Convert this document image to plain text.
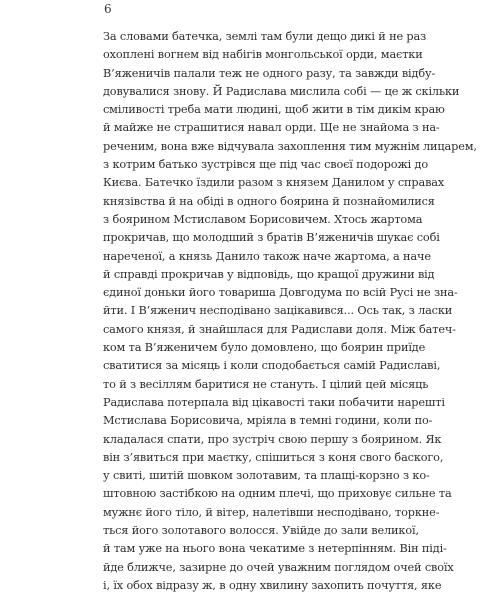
6
За словами батечка, землі там були дещо дикі й не раз
охоплені вогнем від набігів монгольської орди, маєтки
В’яженичів палали теж не одного разу, та завжди відбу-
довувалися знову. Й Радислава мислила собі — це ж скільки
сміливості треба мати людині, щоб жити в тім дикім краю
й майже не страшитися навал орди. Ще не знайома з на-
реченим, вона вже відчувала захоплення тим мужнім лицарем,
з котрим батько зустрівся ще під час своєї подорожі до
Києва. Батечко їздили разом з князем Данилом у справах
князівства й на обіді в одного боярина й познайомилися
з боярином Мстиславом Борисовичем. Хтось жартома
прокричав, що молодший з братів В’яженичів шукає собі
нареченої, а князь Данило також наче жартома, а наче
й справді прокричав у відповідь, що кращої дружини від
єдиної доньки його товариша Довгодума по всій Русі не зна-
йти. І В’яженич несподівано зацікавився... Ось так, з ласки
самого князя, й знайшлася для Радислави доля. Між батеч-
ком та В’яженичем було домовлено, що боярин приїде
сватитися за місяць і коли сподобається самій Радиславі,
то й з весіллям баритися не стануть. І цілий цей місяць
Радислава потерпала від цікавості таки побачити нарешті
Мстислава Борисовича, мріяла в темні години, коли по-
кладалася спати, про зустріч свою першу з боярином. Як
він з’явиться при маєтку, спішиться з коня свого баского,
у свиті, шитій шовком золотавим, та плащі-корзно з ко-
штовною застібкою на одним плечі, що приховує сильне та
мужнє його тіло, й вітер, налетівши несподівано, торкне-
ться його золотавого волосся. Увійде до зали великої,
й там уже на нього вона чекатиме з нетерпінням. Він піді-
йде ближче, зазирне до очей уважним поглядом очей своїх
і, їх обох відразу ж, в одну хвилину захопить почуття, яке
